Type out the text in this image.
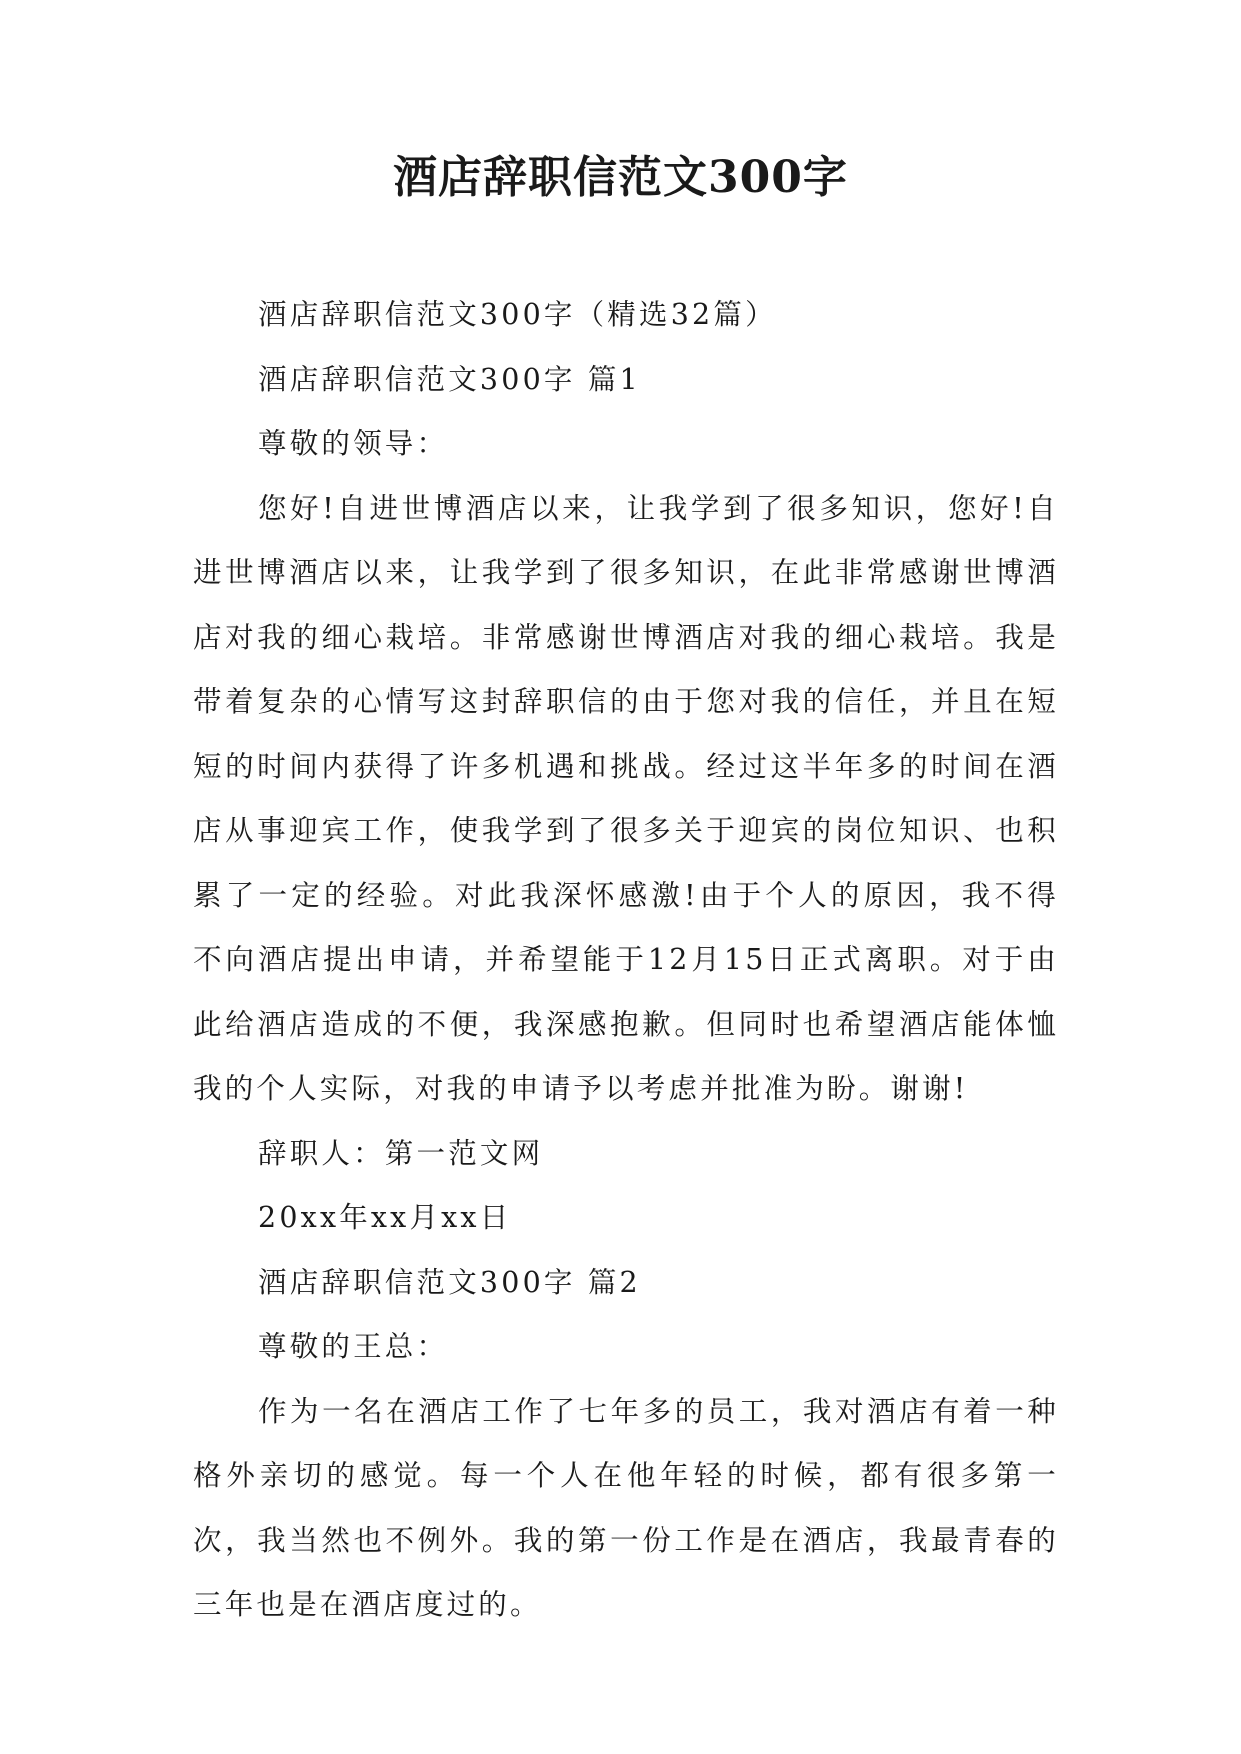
酒店辞职信范文300字

酒店辞职信范文300字（精选32篇）

酒店辞职信范文300字 篇1

尊敬的领导：

您好!自进世博酒店以来，让我学到了很多知识，您好!自进世博酒店以来，让我学到了很多知识，在此非常感谢世博酒店对我的细心栽培。非常感谢世博酒店对我的细心栽培。我是带着复杂的心情写这封辞职信的由于您对我的信任，并且在短短的时间内获得了许多机遇和挑战。经过这半年多的时间在酒店从事迎宾工作，使我学到了很多关于迎宾的岗位知识、也积累了一定的经验。对此我深怀感激!由于个人的原因，我不得不向酒店提出申请，并希望能于12月15日正式离职。对于由此给酒店造成的不便，我深感抱歉。但同时也希望酒店能体恤我的个人实际，对我的申请予以考虑并批准为盼。谢谢!

辞职人：第一范文网

20xx年xx月xx日

酒店辞职信范文300字 篇2

尊敬的王总：

作为一名在酒店工作了七年多的员工，我对酒店有着一种格外亲切的感觉。每一个人在他年轻的时候，都有很多第一次，我当然也不例外。我的第一份工作是在酒店，我最青春的三年也是在酒店度过的。
